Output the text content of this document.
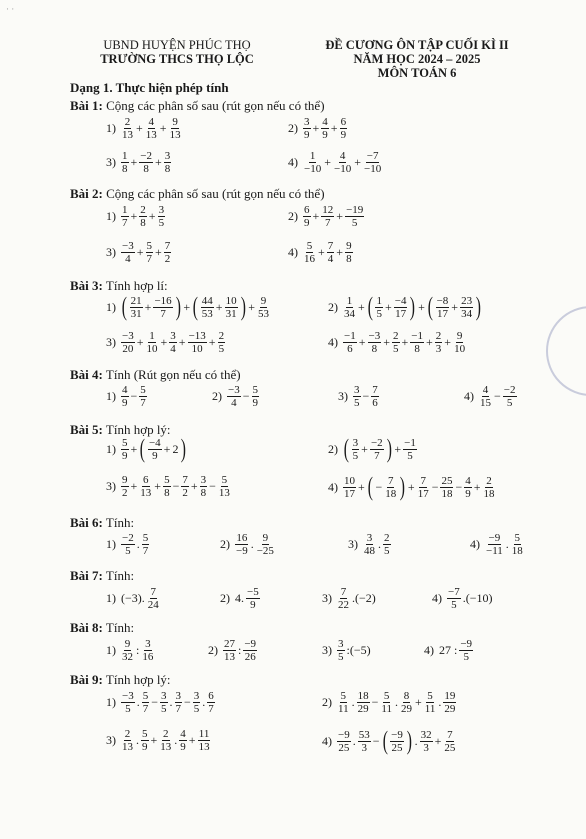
· ·
UBND HUYỆN PHÚC THỌ
TRƯỜNG THCS THỌ LỘC
ĐỀ CƯƠNG ÔN TẬP CUỐI KÌ II
NĂM HỌC 2024 – 2025
MÔN TOÁN 6
Dạng 1. Thực hiện phép tính
Bài 1: Cộng các phân số sau (rút gọn nếu có thể)
Bài 2: Cộng các phân số sau (rút gọn nếu có thể)
Bài 3: Tính hợp lí:
Bài 4: Tính (Rút gọn nếu có thể)
Bài 5: Tính hợp lý:
Bài 6: Tính:
Bài 7: Tính:
Bài 8: Tính:
Bài 9: Tính hợp lý:
$1) \frac{2}{13} + \frac{4}{13} + \frac{9}{13}$	$2) \frac{3}{9} + \frac{4}{9} + \frac{6}{9}$
$3) \frac{1}{8} + \frac{-2}{8} + \frac{3}{8}$	$4) \frac{1}{-10} + \frac{4}{-10} + \frac{-7}{-10}$
$1) \frac{1}{7} + \frac{2}{8} + \frac{3}{5}$	$2) \frac{6}{9} + \frac{12}{7} + \frac{-19}{5}$
$3) \frac{-3}{4} + \frac{5}{7} + \frac{7}{2}$	$4) \frac{5}{16} + \frac{7}{4} + \frac{9}{8}$
1) ( $\frac{21}{31} + \frac{-16}{7}$ ) + ( $\frac{44}{53} + \frac{10}{31}$ ) + $\frac{9}{53}$	$2) \frac{1}{34}$ + ( $\frac{1}{5} + \frac{-4}{17}$ ) + ( $\frac{-8}{17} + \frac{23}{34}$ )
$3) \frac{-3}{20} + \frac{1}{10} + \frac{3}{4} + \frac{-13}{10} + \frac{2}{5}$	$4) \frac{-1}{6} + \frac{-3}{8} + \frac{2}{5} + \frac{-1}{8} + \frac{2}{3} + \frac{9}{10}$
$1) \frac{4}{9} - \frac{5}{7}$	$2) \frac{-3}{4} - \frac{5}{9}$	$3) \frac{3}{5} - \frac{7}{6}$	$4) \frac{4}{15} - \frac{-2}{5}$
$1) \frac{5}{9}$ + ( $\frac{-4}{9} + 2$ )	2) ( $\frac{3}{5} + \frac{-2}{7}$ ) + $\frac{-1}{5}$
$3) \frac{9}{2} + \frac{6}{13} + \frac{5}{8} - \frac{7}{2} + \frac{3}{8} - \frac{5}{13}$	$4) \frac{10}{17}$ + ( − $\frac{7}{18}$ ) + $\frac{7}{17} - \frac{25}{18} - \frac{4}{9} + \frac{2}{18}$
$1) \frac{-2}{5}$ . $\frac{5}{7}$	$2) \frac{16}{-9}$ . $\frac{9}{-25}$	$3) \frac{3}{48}$ . $\frac{2}{5}$	$4) \frac{-9}{-11}$ . $\frac{5}{18}$
1) (−3). $\frac{7}{24}$	2) 4. $\frac{-5}{9}$	$3) \frac{7}{22} .(-2)$	$4) \frac{-7}{5} .(-10)$
$1) \frac{9}{32}$ : $\frac{3}{16}$	$2) \frac{27}{13}$ : $\frac{-9}{26}$	$3) \frac{3}{5}$ :(−5)	4) 27 : $\frac{-9}{5}$
$1) \frac{-3}{5}$ . $\frac{5}{7} - \frac{3}{5}$ . $\frac{3}{7} - \frac{3}{5}$ . $\frac{6}{7}$	$2) \frac{5}{11}$ . $\frac{18}{29} - \frac{5}{11}$ . $\frac{8}{29} + \frac{5}{11}$ . $\frac{19}{29}$
$3) \frac{2}{13}$ . $\frac{5}{9} + \frac{2}{13}$ . $\frac{4}{9} + \frac{11}{13}$	$4) \frac{-9}{25}$ . $\frac{53}{3}$ − ( $\frac{-9}{25}$ ) . $\frac{32}{3} + \frac{7}{25}$
